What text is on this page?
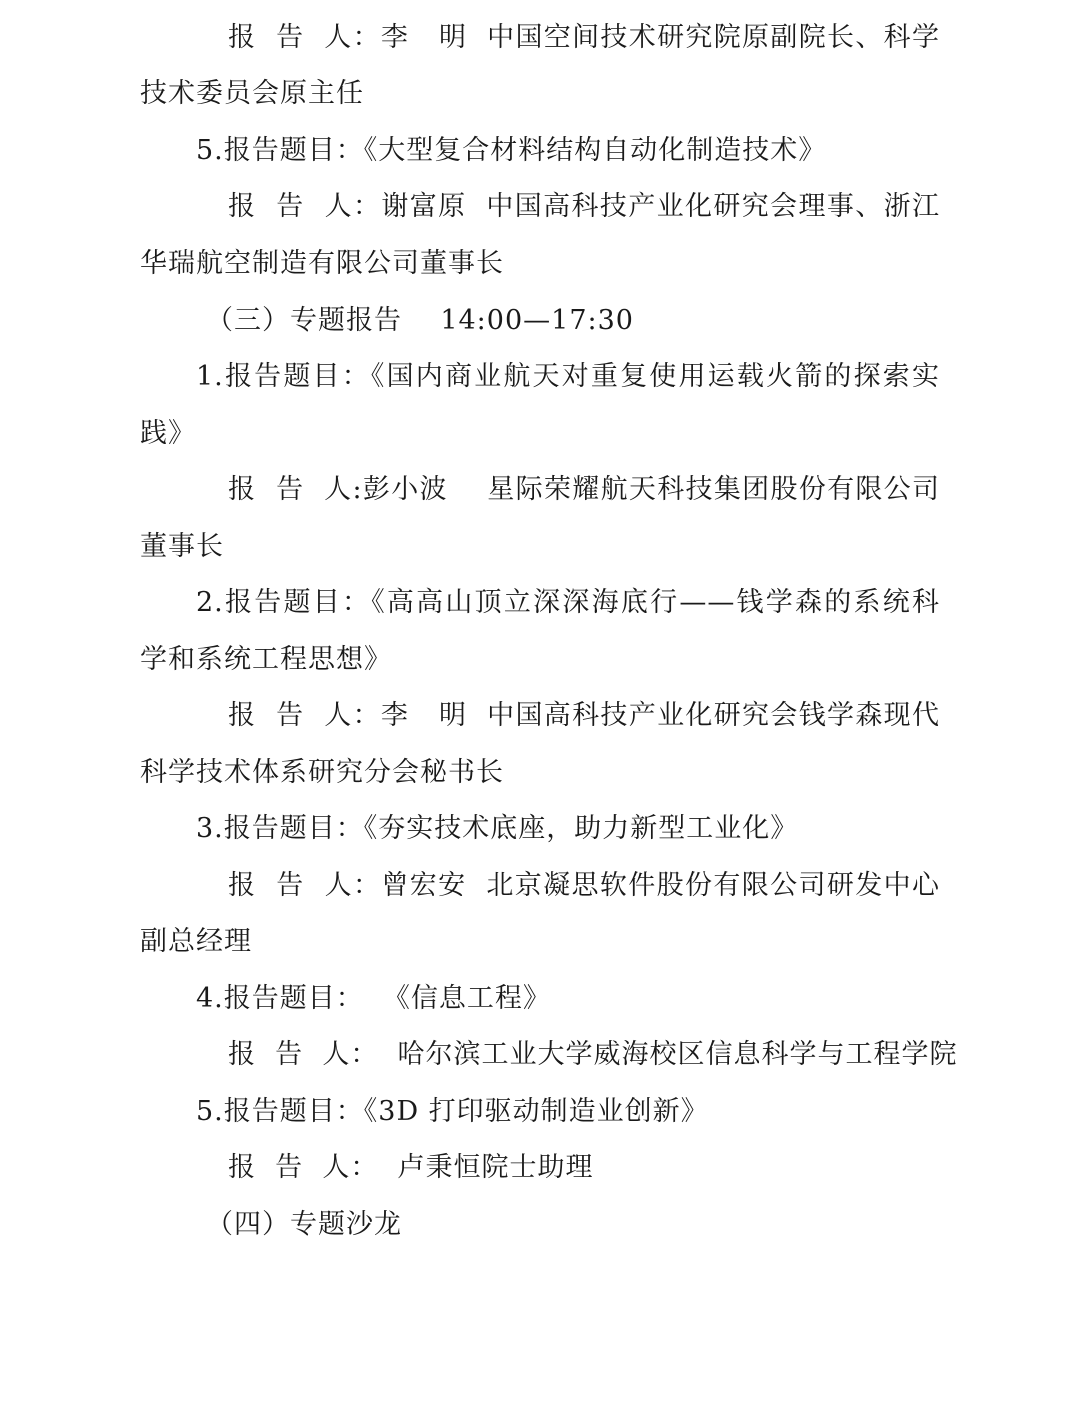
报  告  人：李   明  中国空间技术研究院原副院长、科学
技术委员会原主任
5.报告题目：《大型复合材料结构自动化制造技术》
报  告  人：谢富原  中国高科技产业化研究会理事、浙江
华瑞航空制造有限公司董事长
（三）专题报告    14:00—17:30
1.报告题目：《国内商业航天对重复使用运载火箭的探索实
践》
报  告  人:彭小波    星际荣耀航天科技集团股份有限公司
董事长
2.报告题目：《高高山顶立深深海底行——钱学森的系统科
学和系统工程思想》
报  告  人：李   明  中国高科技产业化研究会钱学森现代
科学技术体系研究分会秘书长
3.报告题目：《夯实技术底座，助力新型工业化》
报  告  人：曾宏安  北京凝思软件股份有限公司研发中心
副总经理
4.报告题目：  《信息工程》
报  告  人：  哈尔滨工业大学威海校区信息科学与工程学院
5.报告题目：《3D 打印驱动制造业创新》
报  告  人：  卢秉恒院士助理
（四）专题沙龙
